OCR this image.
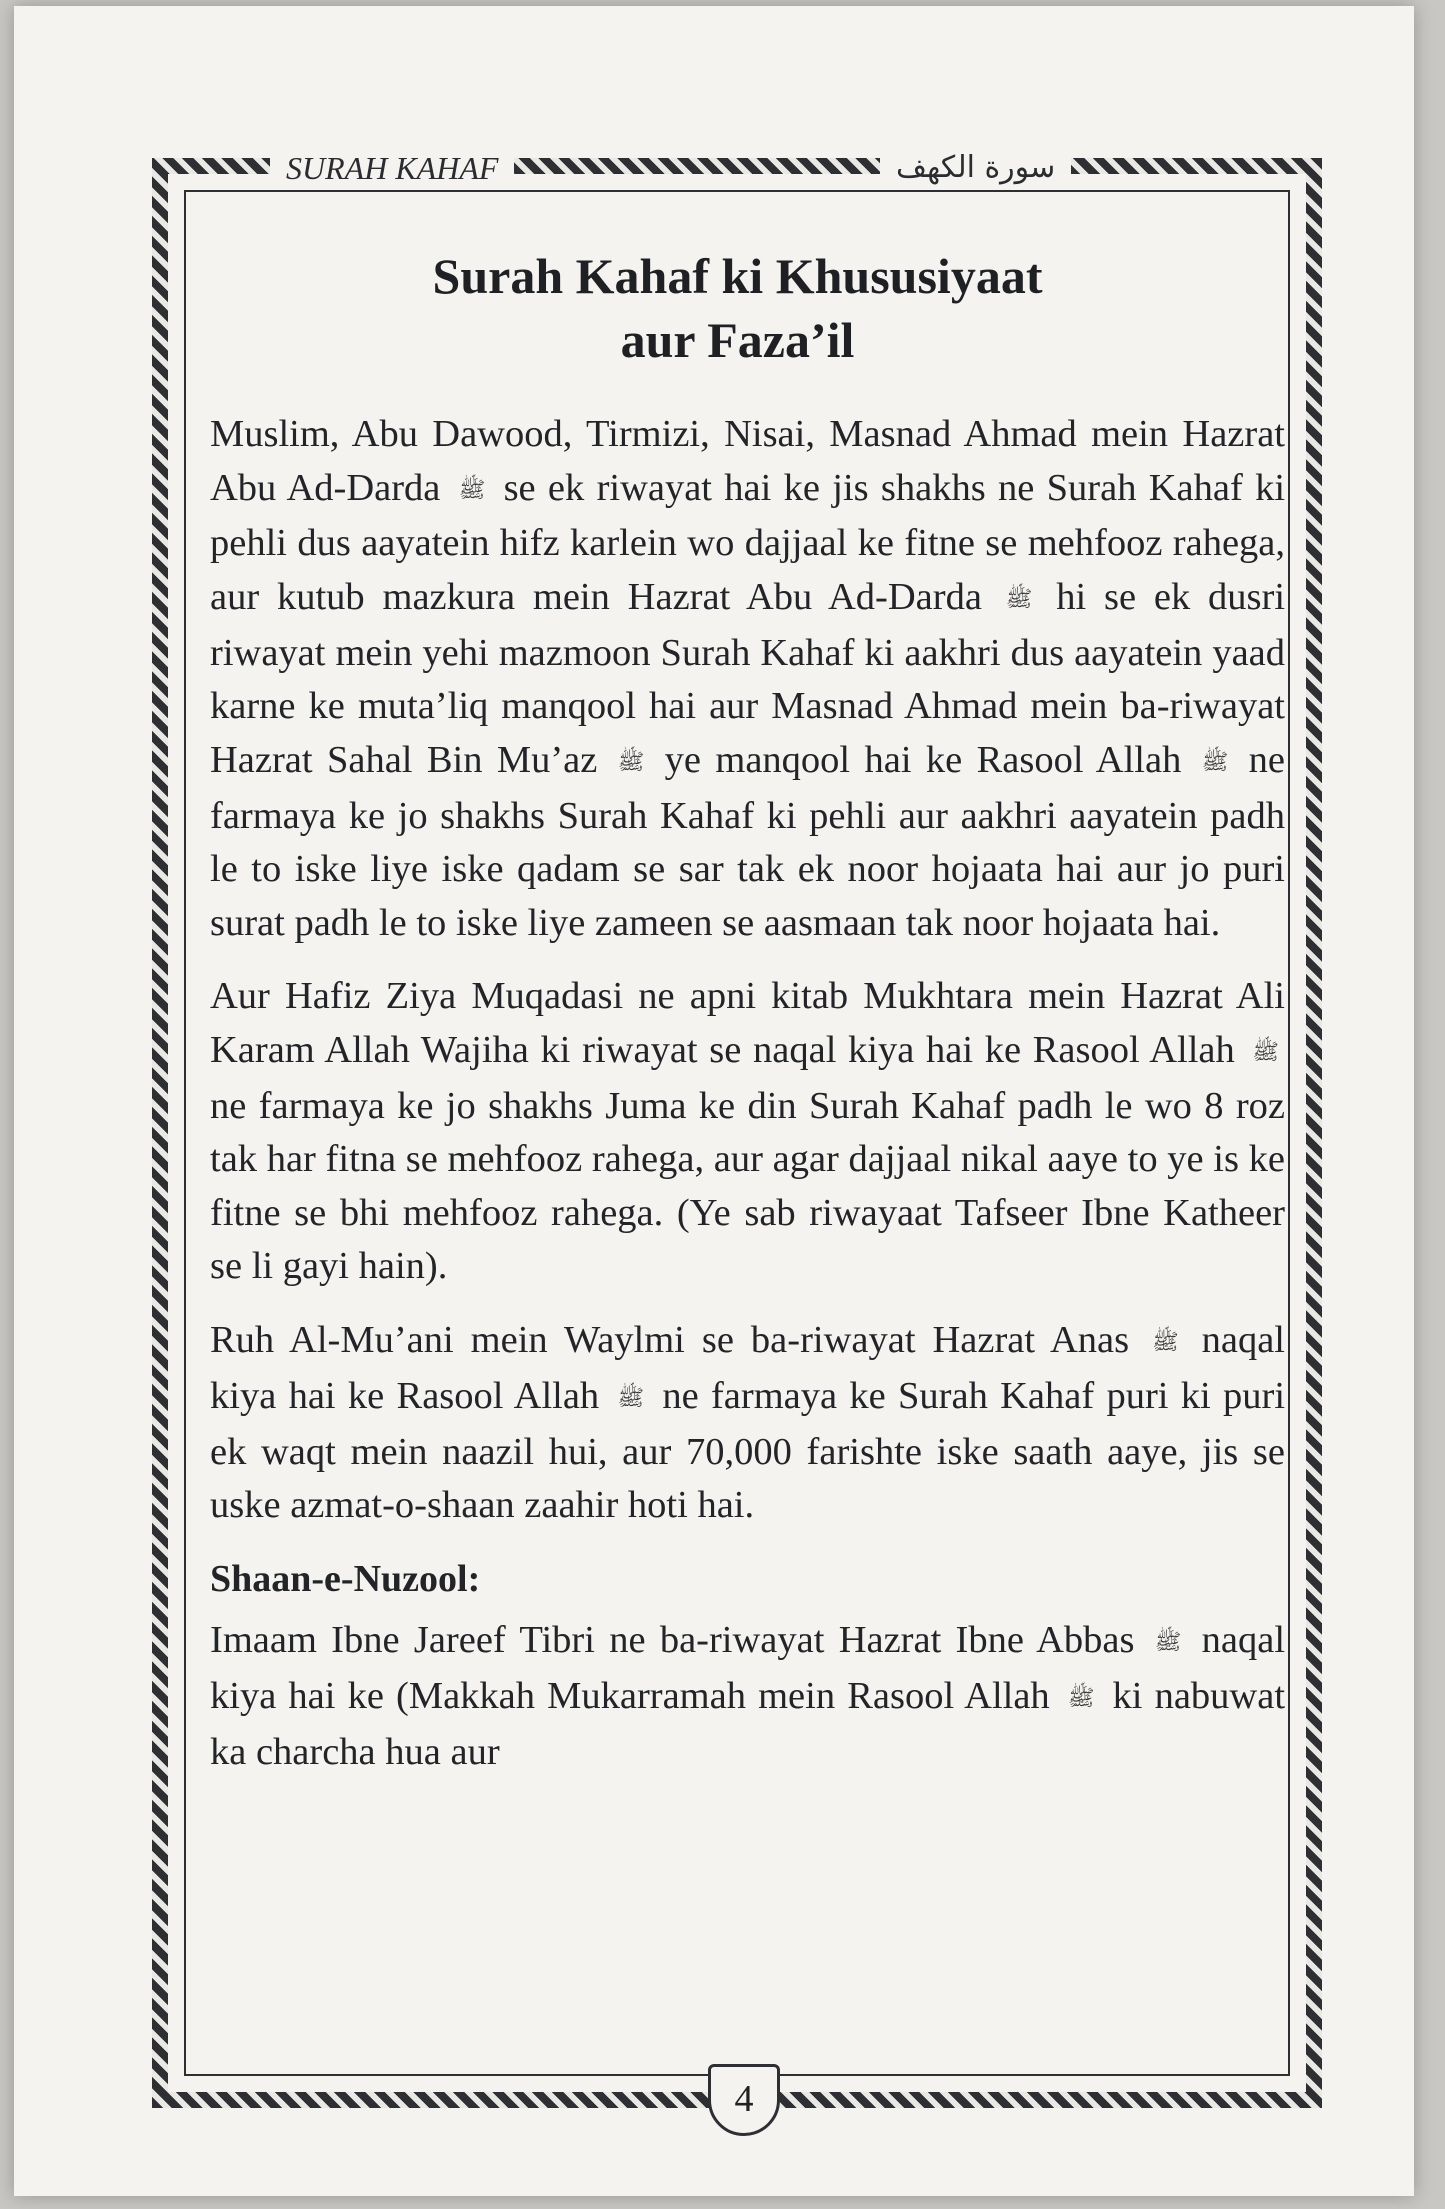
SURAH KAHAF	سورة الكهف
Surah Kahaf ki Khususiyaat
aur Faza’il

Muslim, Abu Dawood, Tirmizi, Nisai, Masnad Ahmad mein Hazrat Abu Ad-Darda ﷺ se ek riwayat hai ke jis shakhs ne Surah Kahaf ki pehli dus aayatein hifz karlein wo dajjaal ke fitne se mehfooz rahega, aur kutub mazkura mein Hazrat Abu Ad-Darda ﷺ hi se ek dusri riwayat mein yehi mazmoon Surah Kahaf ki aakhri dus aayatein yaad karne ke muta’liq manqool hai aur Masnad Ahmad mein ba-riwayat Hazrat Sahal Bin Mu’az ﷺ ye manqool hai ke Rasool Allah ﷺ ne farmaya ke jo shakhs Surah Kahaf ki pehli aur aakhri aayatein padh le to iske liye iske qadam se sar tak ek noor hojaata hai aur jo puri surat padh le to iske liye zameen se aasmaan tak noor hojaata hai.

Aur Hafiz Ziya Muqadasi ne apni kitab Mukhtara mein Hazrat Ali Karam Allah Wajiha ki riwayat se naqal kiya hai ke Rasool Allah ﷺ ne farmaya ke jo shakhs Juma ke din Surah Kahaf padh le wo 8 roz tak har fitna se mehfooz rahega, aur agar dajjaal nikal aaye to ye is ke fitne se bhi mehfooz rahega. (Ye sab riwayaat Tafseer Ibne Katheer se li gayi hain).

Ruh Al-Mu’ani mein Waylmi se ba-riwayat Hazrat Anas ﷺ naqal kiya hai ke Rasool Allah ﷺ ne farmaya ke Surah Kahaf puri ki puri ek waqt mein naazil hui, aur 70,000 farishte iske saath aaye, jis se uske azmat-o-shaan zaahir hoti hai.

Shaan-e-Nuzool:

Imaam Ibne Jareef Tibri ne ba-riwayat Hazrat Ibne Abbas ﷺ naqal kiya hai ke (Makkah Mukarramah mein Rasool Allah ﷺ ki nabuwat ka charcha hua aur

4
